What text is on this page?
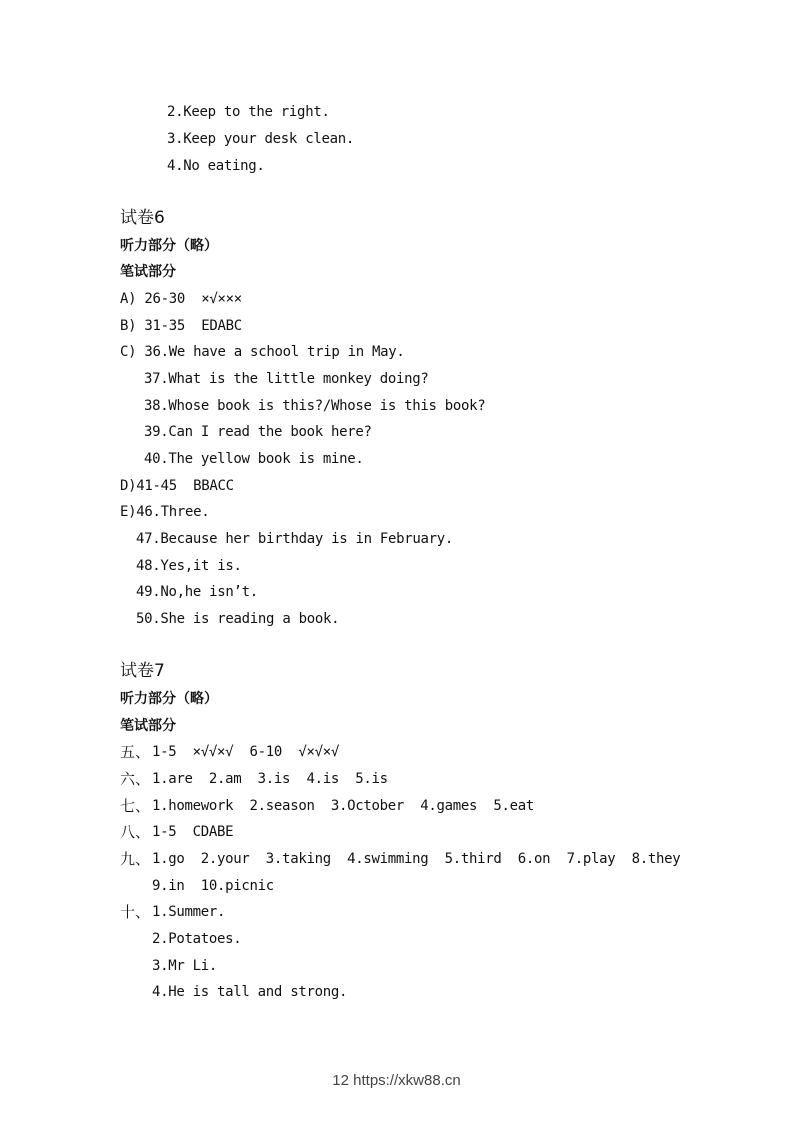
2.Keep to the right.
3.Keep your desk clean.
4.No eating.
试卷6
听力部分（略）
笔试部分
A) 26-30  ×√×××
B) 31-35  EDABC
C) 36.We have a school trip in May.
37.What is the little monkey doing?
38.Whose book is this?/Whose is this book?
39.Can I read the book here?
40.The yellow book is mine.
D)41-45  BBACC
E)46.Three.
47.Because her birthday is in February.
48.Yes,it is.
49.No,he isn’t.
50.She is reading a book.
试卷7
听力部分（略）
笔试部分
五、 1-5  ×√√×√  6-10  √×√×√
六、 1.are  2.am  3.is  4.is  5.is
七、 1.homework  2.season  3.October  4.games  5.eat
八、 1-5  CDABE
九、 1.go  2.your  3.taking  4.swimming  5.third  6.on  7.play  8.they
9.in  10.picnic
十、 1.Summer.
2.Potatoes.
3.Mr Li.
4.He is tall and strong.
12 https://xkw88.cn
